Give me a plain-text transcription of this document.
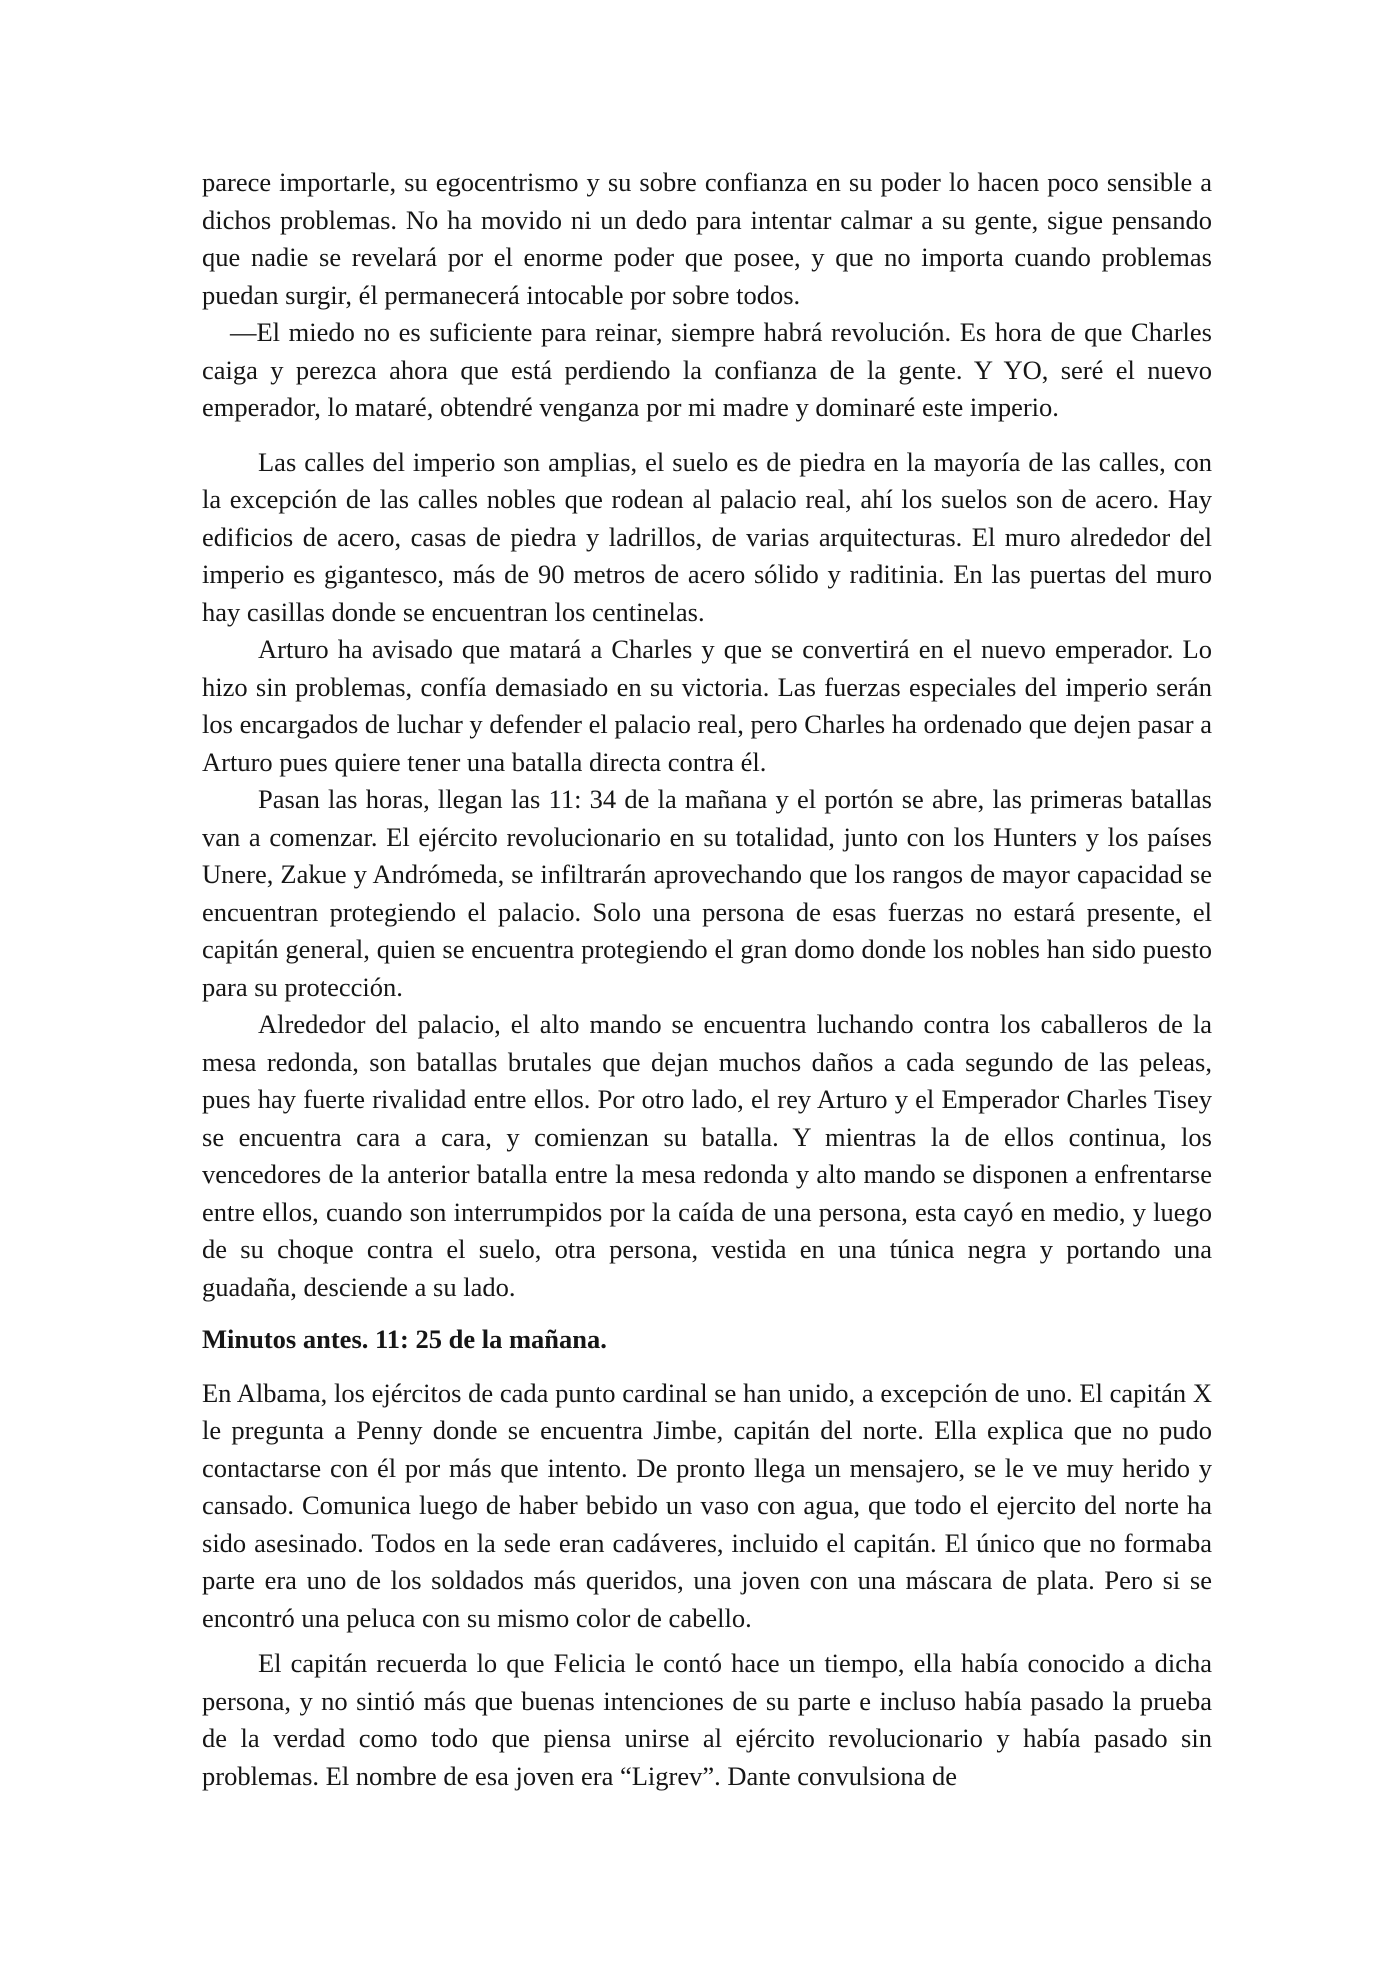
parece importarle, su egocentrismo y su sobre confianza en su poder lo hacen poco sensible a dichos problemas. No ha movido ni un dedo para intentar calmar a su gente, sigue pensando que nadie se revelará por el enorme poder que posee, y que no importa cuando problemas puedan surgir, él permanecerá intocable por sobre todos.

—El miedo no es suficiente para reinar, siempre habrá revolución. Es hora de que Charles caiga y perezca ahora que está perdiendo la confianza de la gente. Y YO, seré el nuevo emperador, lo mataré, obtendré venganza por mi madre y dominaré este imperio.

Las calles del imperio son amplias, el suelo es de piedra en la mayoría de las calles, con la excepción de las calles nobles que rodean al palacio real, ahí los suelos son de acero. Hay edificios de acero, casas de piedra y ladrillos, de varias arquitecturas. El muro alrededor del imperio es gigantesco, más de 90 metros de acero sólido y raditinia. En las puertas del muro hay casillas donde se encuentran los centinelas.

Arturo ha avisado que matará a Charles y que se convertirá en el nuevo emperador. Lo hizo sin problemas, confía demasiado en su victoria. Las fuerzas especiales del imperio serán los encargados de luchar y defender el palacio real, pero Charles ha ordenado que dejen pasar a Arturo pues quiere tener una batalla directa contra él.

Pasan las horas, llegan las 11: 34 de la mañana y el portón se abre, las primeras batallas van a comenzar. El ejército revolucionario en su totalidad, junto con los Hunters y los países Unere, Zakue y Andrómeda, se infiltrarán aprovechando que los rangos de mayor capacidad se encuentran protegiendo el palacio. Solo una persona de esas fuerzas no estará presente, el capitán general, quien se encuentra protegiendo el gran domo donde los nobles han sido puesto para su protección.

Alrededor del palacio, el alto mando se encuentra luchando contra los caballeros de la mesa redonda, son batallas brutales que dejan muchos daños a cada segundo de las peleas, pues hay fuerte rivalidad entre ellos. Por otro lado, el rey Arturo y el Emperador Charles Tisey se encuentra cara a cara, y comienzan su batalla. Y mientras la de ellos continua, los vencedores de la anterior batalla entre la mesa redonda y alto mando se disponen a enfrentarse entre ellos, cuando son interrumpidos por la caída de una persona, esta cayó en medio, y luego de su choque contra el suelo, otra persona, vestida en una túnica negra y portando una guadaña, desciende a su lado.

Minutos antes. 11: 25 de la mañana.

En Albama, los ejércitos de cada punto cardinal se han unido, a excepción de uno. El capitán X le pregunta a Penny donde se encuentra Jimbe, capitán del norte. Ella explica que no pudo contactarse con él por más que intento. De pronto llega un mensajero, se le ve muy herido y cansado. Comunica luego de haber bebido un vaso con agua, que todo el ejercito del norte ha sido asesinado. Todos en la sede eran cadáveres, incluido el capitán. El único que no formaba parte era uno de los soldados más queridos, una joven con una máscara de plata. Pero si se encontró una peluca con su mismo color de cabello.

El capitán recuerda lo que Felicia le contó hace un tiempo, ella había conocido a dicha persona, y no sintió más que buenas intenciones de su parte e incluso había pasado la prueba de la verdad como todo que piensa unirse al ejército revolucionario y había pasado sin problemas. El nombre de esa joven era “Ligrev”. Dante convulsiona de
